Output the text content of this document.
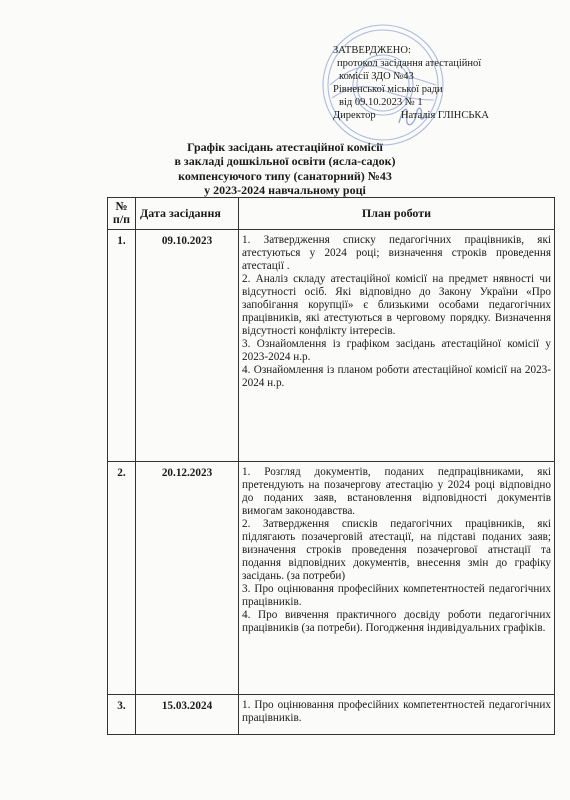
ЗАТВЕРДЖЕНО:
протокол засідання атестаційної
комісії ЗДО №43
Рівненської міської ради
від 09.10.2023 № 1
Директор Наталія ГЛІНСЬКА
Графік засідань атестаційної комісії
в закладі дошкільної освіти (ясла-садок)
компенсуючого типу (санаторний) №43
у 2023-2024 навчальному році
№
п/п	Дата засідання	План роботи
1.	09.10.2023	1. Затвердження списку педагогічних працівників, які атестуються у 2024 році; визначення строків проведення атестації .

2. Аналіз складу атестаційної комісії на предмет нявності чи відсутності осіб. Які відповідно до Закону України «Про запобігання корупції» є близькими особами педагогічних працівників, які атестуються в черговому порядку. Визначення відсутності конфлікту інтересів.

3. Ознайомлення із графіком засідань атестаційної комісії у 2023-2024 н.р.

4. Ознайомлення із планом роботи атестаційної комісії на 2023-2024 н.р.

2.	20.12.2023	1. Розгляд документів, поданих педпрацівниками, які претендують на позачергову атестацію у 2024 році відповідно до поданих заяв, встановлення відповідності документів вимогам законодавства.

2. Затвердження списків педагогічних працівників, які підлягають позачерговій атестації, на підставі поданих заяв; визначення строків проведення позачергової атнстації та подання відповідних документів, внесення змін до графіку засідань. (за потреби)

3. Про оцінювання професійних компетентностей педагогічних працівників.

4. Про вивчення практичного досвіду роботи педагогічних працівників (за потреби). Погодження індивідуальних графіків.

3.	15.03.2024	1. Про оцінювання професійних компетентностей педагогічних працівників.
